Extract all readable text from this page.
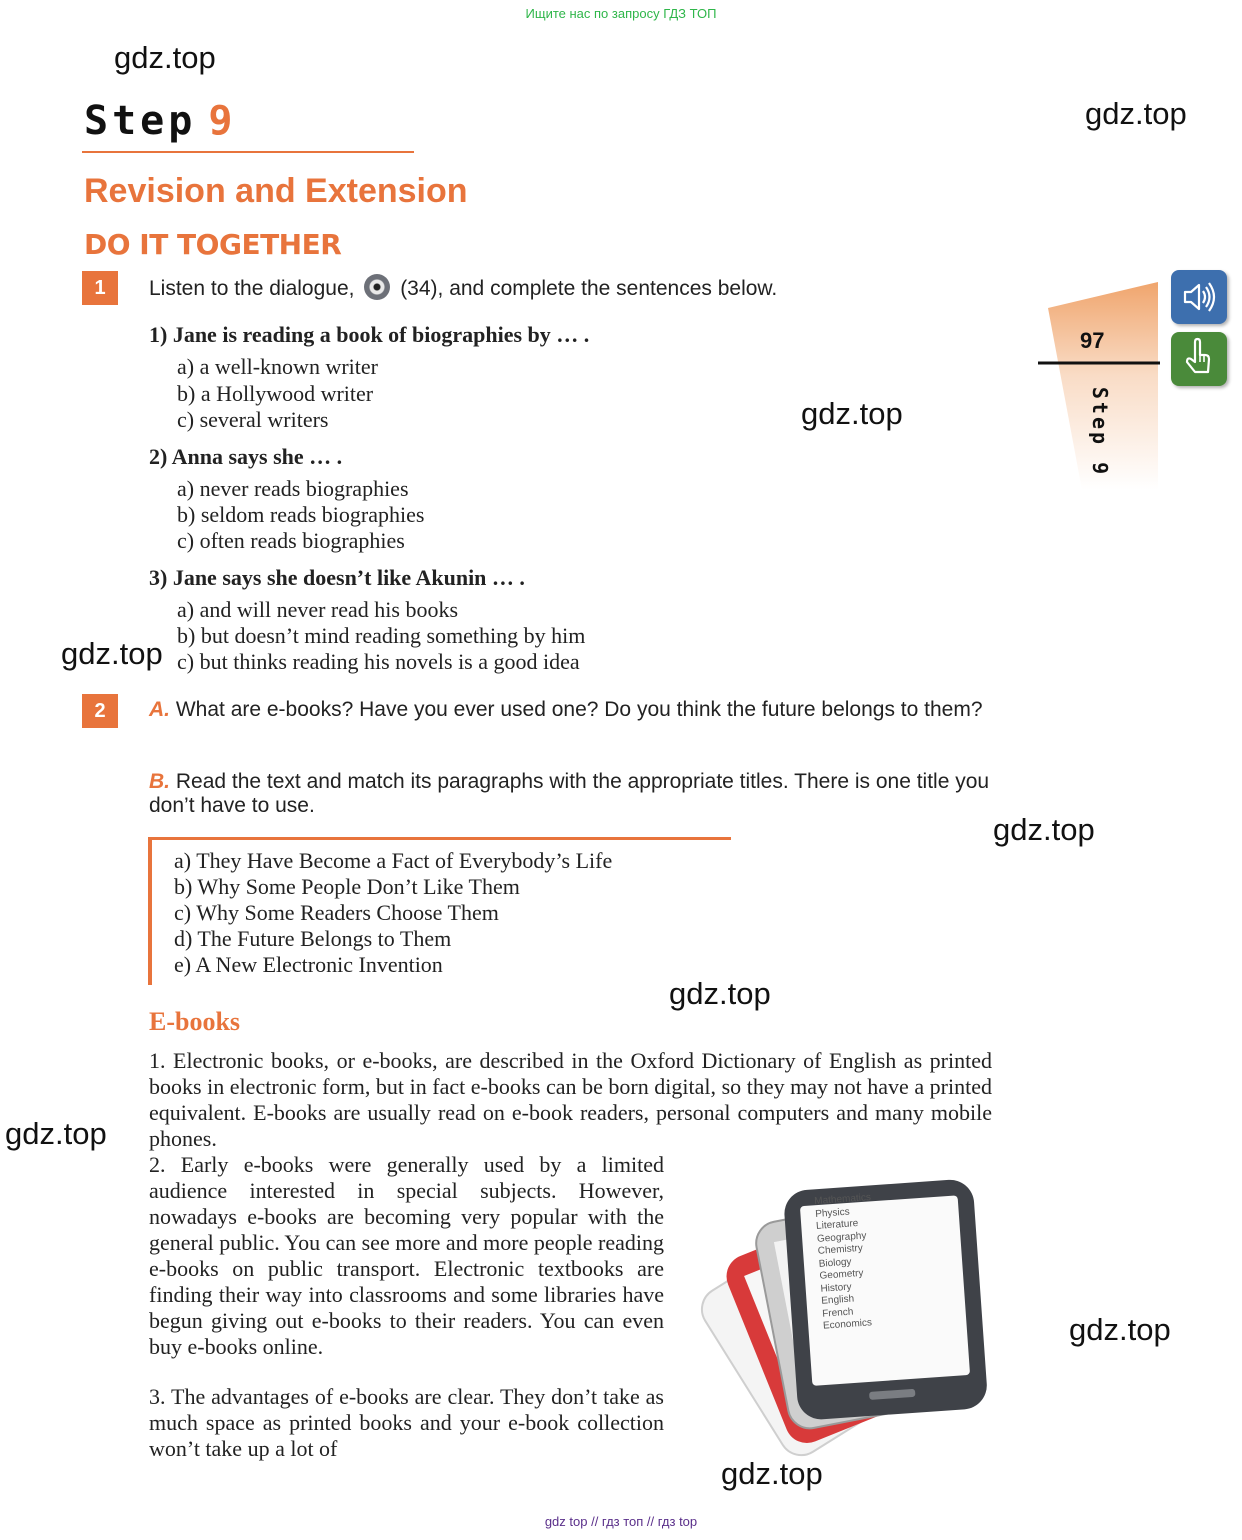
Ищите нас по запросу ГДЗ ТОП
gdz top // гдз топ // гдз top
gdz.top
gdz.top
gdz.top
gdz.top
gdz.top
gdz.top
gdz.top
gdz.top
gdz.top
Step 9
Revision and Extension
DO IT TOGETHER
97
Step 9
1	Listen to the dialogue, (34), and complete the sentences below.
1) Jane is reading a book of biographies by … .
a) a well-known writer
b) a Hollywood writer
c) several writers
2) Anna says she … .
a) never reads biographies
b) seldom reads biographies
c) often reads biographies
3) Jane says she doesn’t like Akunin … .
a) and will never read his books
b) but doesn’t mind reading something by him
c) but thinks reading his novels is a good idea
2	A. What are e-books? Have you ever used one? Do you think the future belongs to them?
B. Read the text and match its paragraphs with the appropriate titles. There is one title you don’t have to use.
a) They Have Become a Fact of Everybody’s Life
b) Why Some People Don’t Like Them
c) Why Some Readers Choose Them
d) The Future Belongs to Them
e) A New Electronic Invention
E-books
1. Electronic books, or e-books, are described in the Oxford Dictionary of English as printed books in electronic form, but in fact e-books can be born digital, so they may not have a printed equivalent. E-books are usually read on e-book readers, personal computers and many mobile phones.
2. Early e-books were generally used by a limited audience interested in special subjects. However, nowadays e-books are becoming very popular with the general public. You can see more and more people reading e-books on public transport. Electronic textbooks are finding their way into classrooms and some libraries have begun giving out e-books to their readers. You can even buy e-books online.
3. The advantages of e-books are clear. They don’t take as much space as printed books and your e-book collection won’t take up a lot of
Mathematics
Physics
Literature
Geography
Chemistry
Biology
Geometry
History
English
French
Economics
